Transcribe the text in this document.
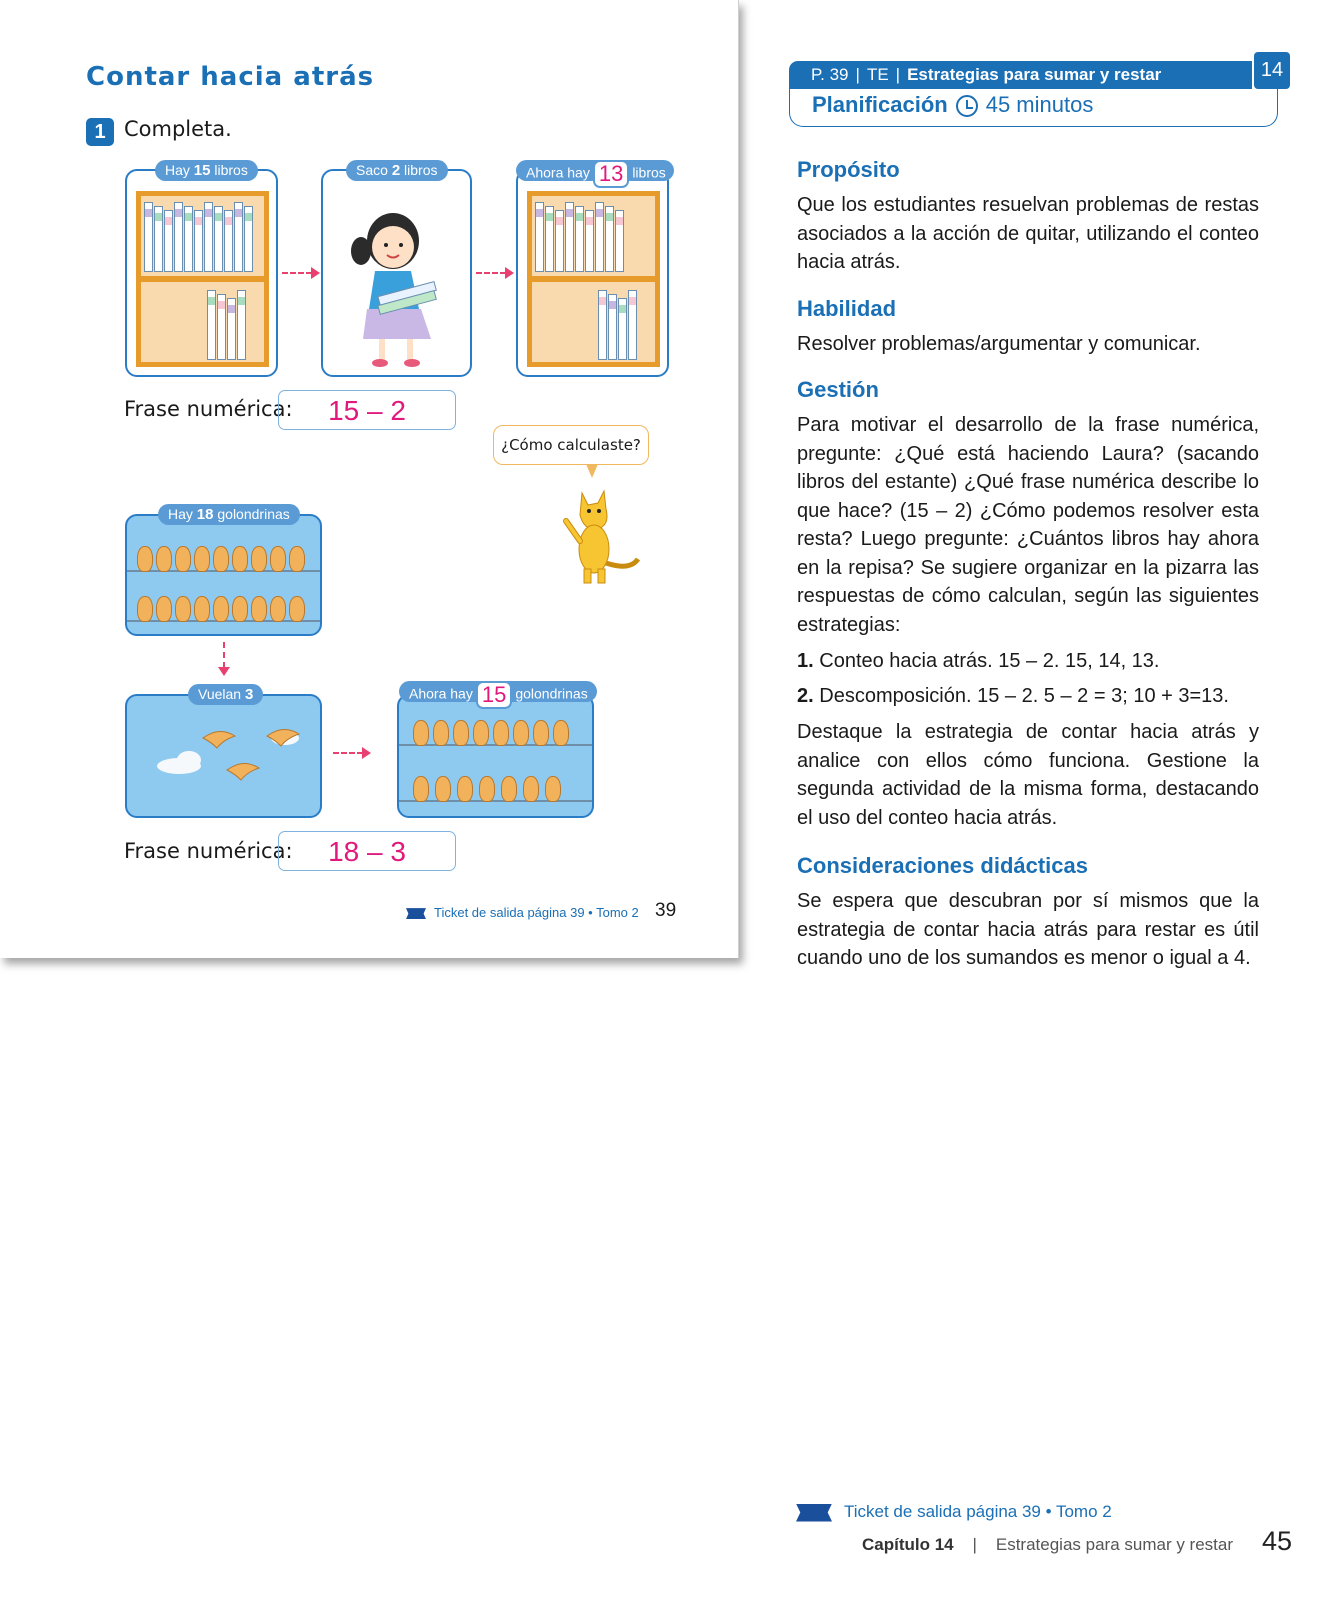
Contar hacia atrás
1 Completa.
Hay 15 libros	Saco 2 libros	Ahora hay 13 libros
Frase numérica:	15 – 2
¿Cómo calculaste?
Hay 18 golondrinas
Vuelan 3	Ahora hay 15 golondrinas
Frase numérica:	18 – 3
Ticket de salida página 39 • Tomo 2 39
P. 39 | TE | Estrategias para sumar y restar	14
Planificación 45 minutos
Propósito
Que los estudiantes resuelvan problemas de restas asociados a la acción de quitar, utilizando el conteo hacia atrás.
Habilidad
Resolver problemas/argumentar y comunicar.
Gestión
Para motivar el desarrollo de la frase numérica, pregunte: ¿Qué está haciendo Laura? (sacando libros del estante) ¿Qué frase numérica describe lo que hace? (15 – 2) ¿Cómo podemos resolver esta resta? Luego pregunte: ¿Cuántos libros hay ahora en la repisa? Se sugiere organizar en la pizarra las respuestas de cómo calculan, según las siguientes estrategias:
1. Conteo hacia atrás. 15 – 2. 15, 14, 13.
2. Descomposición. 15 – 2. 5 – 2 = 3; 10 + 3=13.
Destaque la estrategia de contar hacia atrás y analice con ellos cómo funciona. Gestione la segunda actividad de la misma forma, destacando el uso del conteo hacia atrás.
Consideraciones didácticas
Se espera que descubran por sí mismos que la estrategia de contar hacia atrás para restar es útil cuando uno de los sumandos es menor o igual a 4.
Ticket de salida página 39 • Tomo 2
Capítulo 14 | Estrategias para sumar y restar 45
